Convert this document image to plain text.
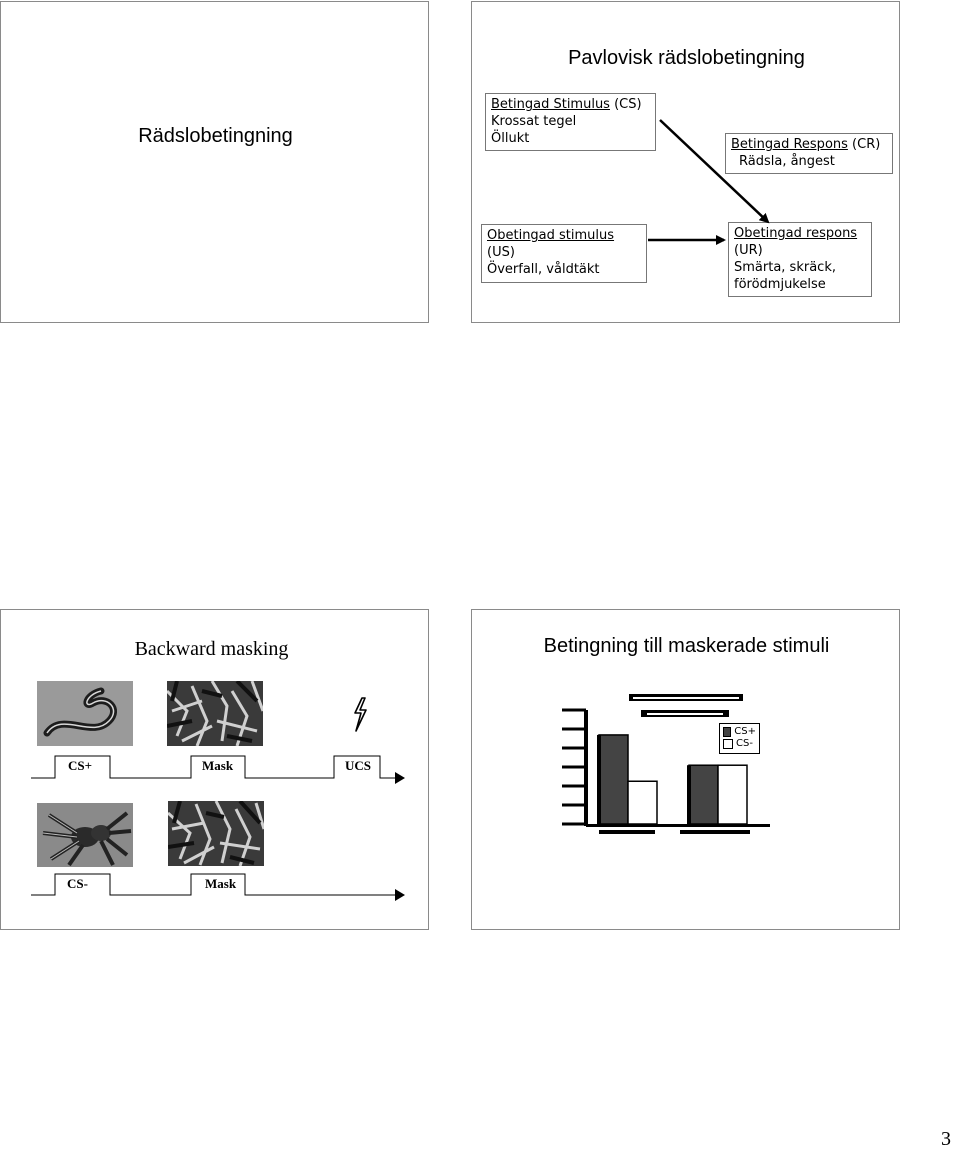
Rädslobetingning
Pavlovisk rädslobetingning
Betingad Stimulus (CS)
Krossat tegel
Öllukt	Betingad Respons (CR)
Rädsla, ångest
Obetingad stimulus
(US)
Överfall, våldtäkt
Obetingad respons
(UR)
Smärta, skräck,
förödmjukelse
Backward masking
CS+	Mask	UCS
CS-	Mask
Betingning till maskerade stimuli
CS+
CS-
3
